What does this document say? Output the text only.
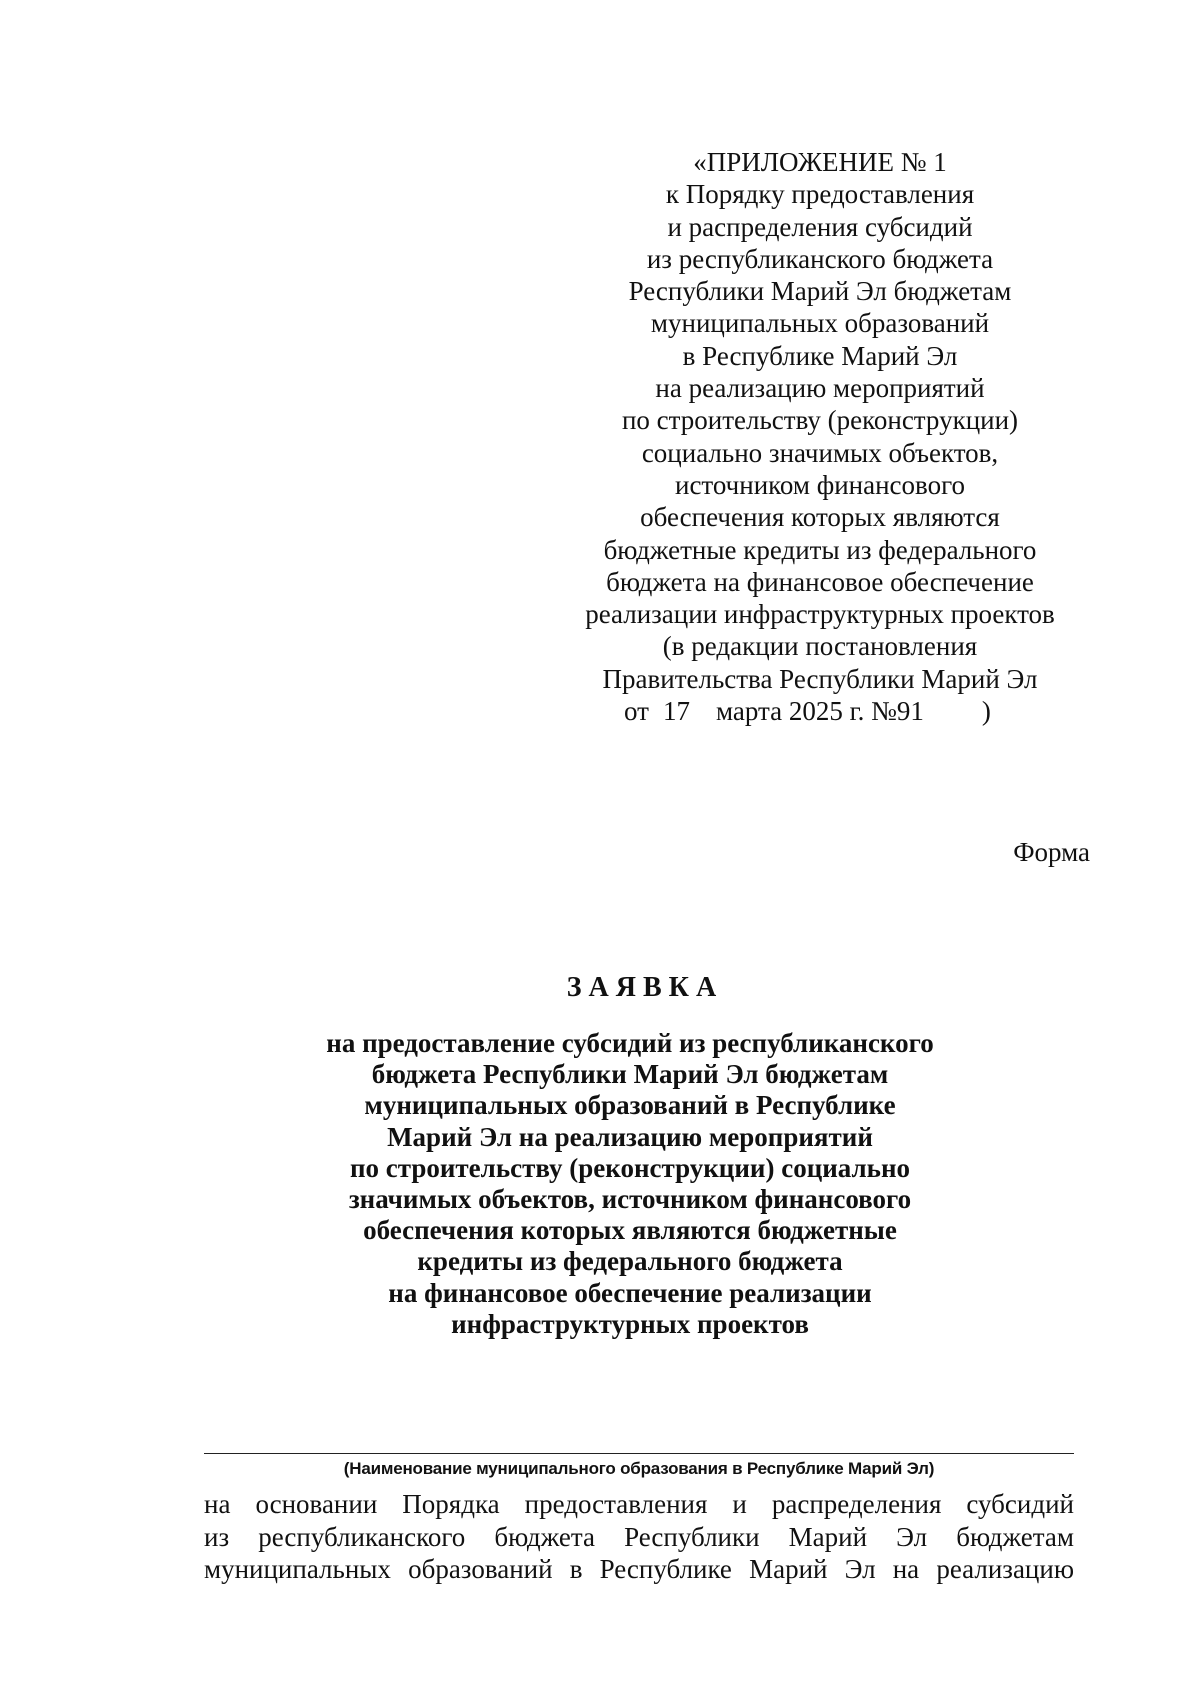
«ПРИЛОЖЕНИЕ № 1
к Порядку предоставления
и распределения субсидий
из республиканского бюджета
Республики Марий Эл бюджетам
муниципальных образований
в Республике Марий Эл
на реализацию мероприятий
по строительству (реконструкции)
социально значимых объектов,
источником финансового
обеспечения которых являются
бюджетные кредиты из федерального
бюджета на финансовое обеспечение
реализации инфраструктурных проектов
(в редакции постановления
Правительства Республики Марий Эл
от 17 марта 2025 г. №91 )
Форма
ЗАЯВКА
на предоставление субсидий из республиканского
бюджета Республики Марий Эл бюджетам
муниципальных образований в Республике
Марий Эл на реализацию мероприятий
по строительству (реконструкции) социально
значимых объектов, источником финансового
обеспечения которых являются бюджетные
кредиты из федерального бюджета
на финансовое обеспечение реализации
инфраструктурных проектов
(Наименование муниципального образования в Республике Марий Эл)
на основании Порядка предоставления и распределения субсидий
из республиканского бюджета Республики Марий Эл бюджетам
муниципальных образований в Республике Марий Эл на реализацию
